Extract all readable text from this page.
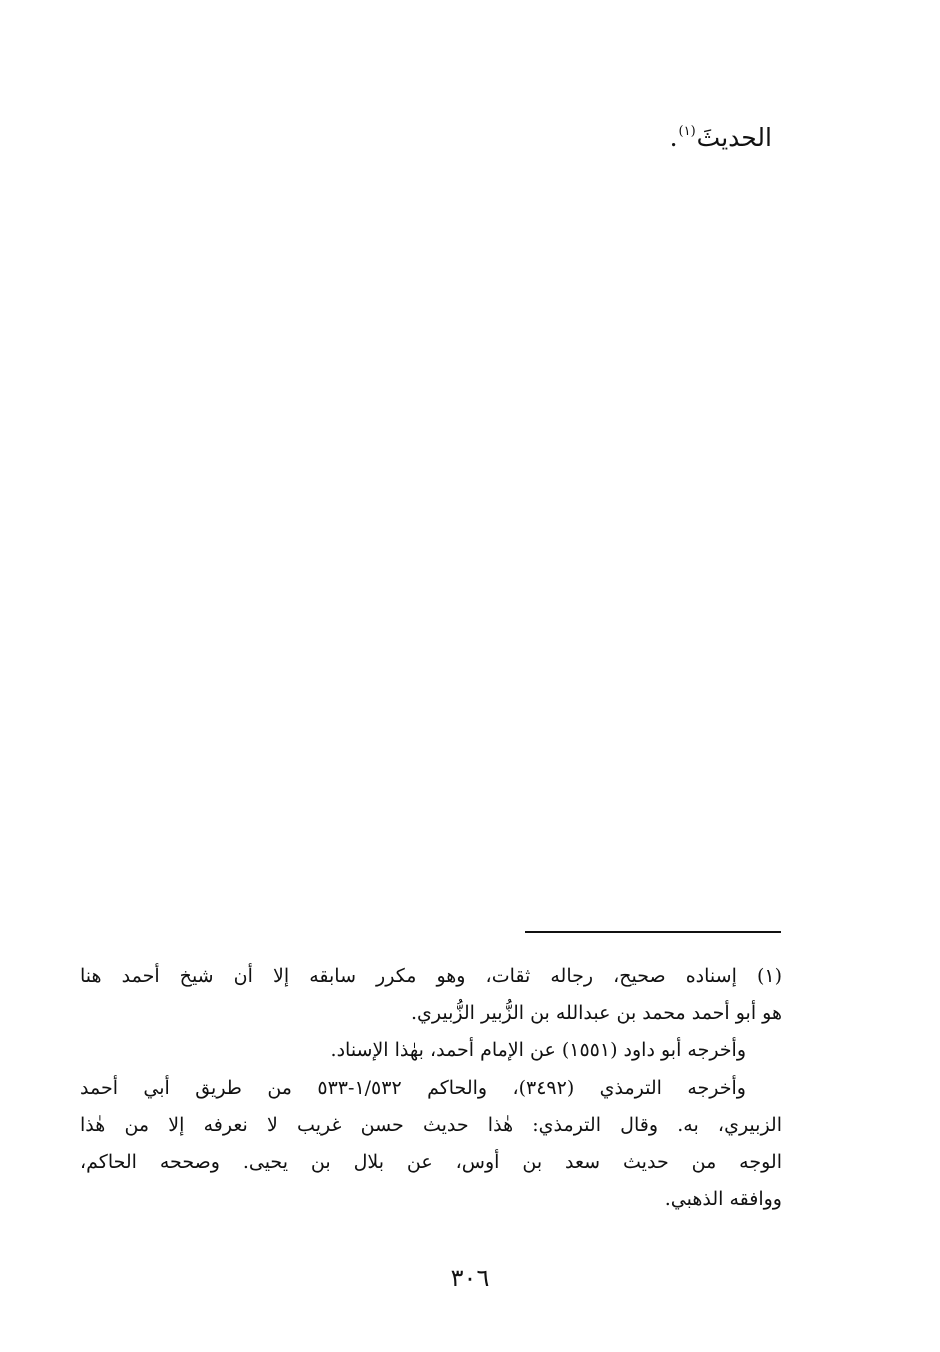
الحديثَ$^{(١)}$.
(١) إسناده صحيح، رجاله ثقات، وهو مكرر سابقه إلا أن شيخ أحمد هنا
هو أبو أحمد محمد بن عبدالله بن الزُّبير الزُّبيري.
وأخرجه أبو داود (١٥٥١) عن الإمام أحمد، بهٰذا الإسناد.
وأخرجه الترمذي (٣٤٩٢)، والحاكم ١/٥٣٢-٥٣٣ من طريق أبي أحمد
الزبيري، به. وقال الترمذي: هٰذا حديث حسن غريب لا نعرفه إلا من هٰذا
الوجه من حديث سعد بن أوس، عن بلال بن يحيى. وصححه الحاكم،
ووافقه الذهبي.
٣٠٦
